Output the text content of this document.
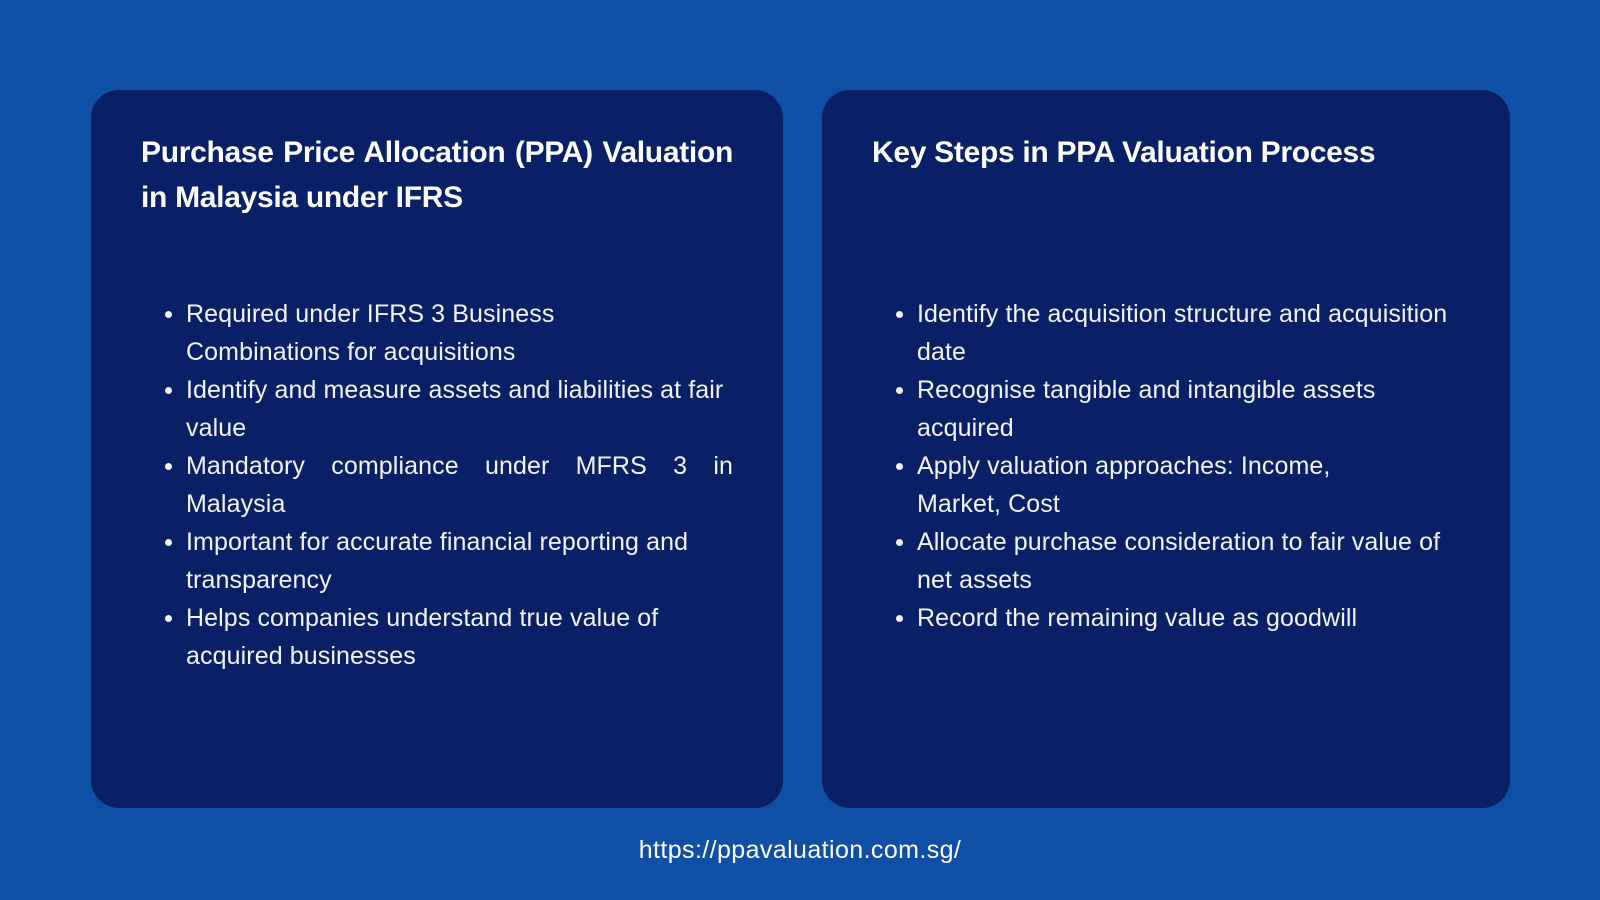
Purchase Price Allocation (PPA) Valuation in Malaysia under IFRS
Required under IFRS 3 Business Combinations for acquisitions
Identify and measure assets and liabilities at fair value
Mandatory compliance under MFRS 3 in Malaysia
Important for accurate financial reporting and transparency
Helps companies understand true value of acquired businesses
Key Steps in PPA Valuation Process
Identify the acquisition structure and acquisition date
Recognise tangible and intangible assets acquired
Apply valuation approaches: Income, Market, Cost
Allocate purchase consideration to fair value of net assets
Record the remaining value as goodwill
https://ppavaluation.com.sg/
